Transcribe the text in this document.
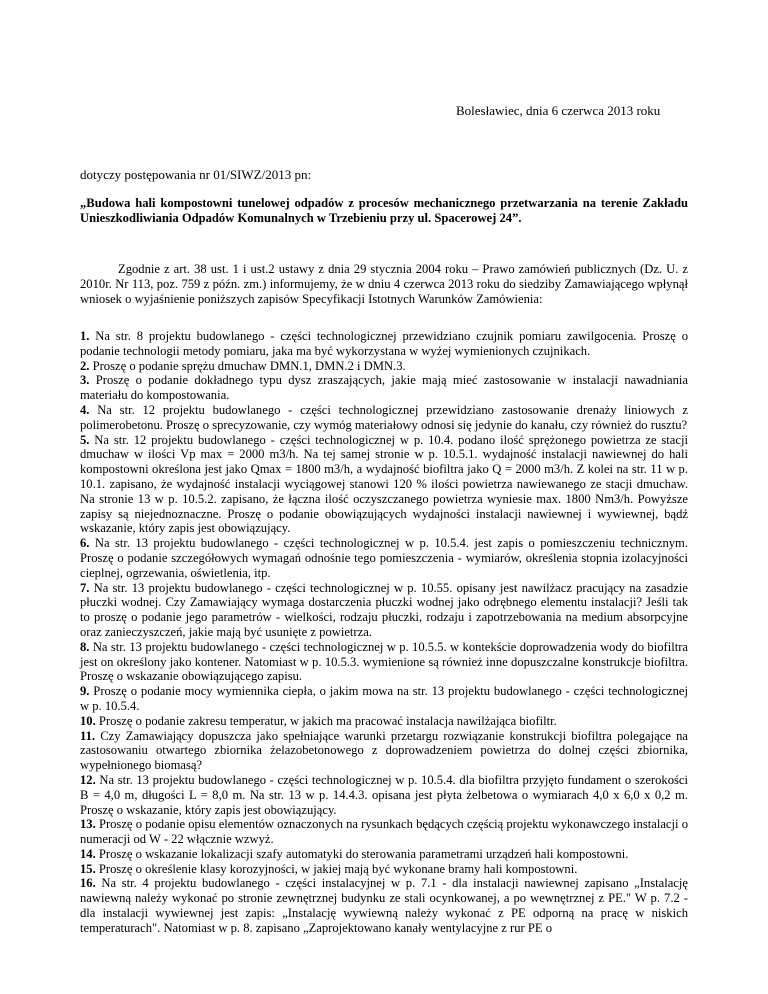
Bolesławiec, dnia 6 czerwca 2013 roku
dotyczy postępowania nr 01/SIWZ/2013 pn:
„Budowa hali kompostowni tunelowej odpadów z procesów mechanicznego przetwarzania na terenie Zakładu Unieszkodliwiania Odpadów Komunalnych w Trzebieniu przy ul. Spacerowej 24”.
Zgodnie z art. 38 ust. 1 i ust.2 ustawy z dnia 29 stycznia 2004 roku – Prawo zamówień publicznych (Dz. U. z 2010r. Nr 113, poz. 759 z późn. zm.) informujemy, że w dniu 4 czerwca 2013 roku do siedziby Zamawiającego wpłynął wniosek o wyjaśnienie poniższych zapisów Specyfikacji Istotnych Warunków Zamówienia:
1. Na str. 8 projektu budowlanego - części technologicznej przewidziano czujnik pomiaru zawilgocenia. Proszę o podanie technologii metody pomiaru, jaka ma być wykorzystana w wyżej wymienionych czujnikach.
2. Proszę o podanie sprężu dmuchaw DMN.1, DMN.2 i DMN.3.
3. Proszę o podanie dokładnego typu dysz zraszających, jakie mają mieć zastosowanie w instalacji nawadniania materiału do kompostowania.
4. Na str. 12 projektu budowlanego - części technologicznej przewidziano zastosowanie drenaży liniowych z polimerobetonu. Proszę o sprecyzowanie, czy wymóg materiałowy odnosi się jedynie do kanału, czy również do rusztu?
5. Na str. 12 projektu budowlanego - części technologicznej w p. 10.4. podano ilość sprężonego powietrza ze stacji dmuchaw w ilości Vp max = 2000 m3/h. Na tej samej stronie w p. 10.5.1. wydajność instalacji nawiewnej do hali kompostowni określona jest jako Qmax = 1800 m3/h, a wydajność biofiltra jako Q = 2000 m3/h. Z kolei na str. 11 w p. 10.1. zapisano, że wydajność instalacji wyciągowej stanowi 120 % ilości powietrza nawiewanego ze stacji dmuchaw. Na stronie 13 w p. 10.5.2. zapisano, że łączna ilość oczyszczanego powietrza wyniesie max. 1800 Nm3/h. Powyższe zapisy są niejednoznaczne. Proszę o podanie obowiązujących wydajności instalacji nawiewnej i wywiewnej, bądź wskazanie, który zapis jest obowiązujący.
6. Na str. 13 projektu budowlanego - części technologicznej w p. 10.5.4. jest zapis o pomieszczeniu technicznym. Proszę o podanie szczegółowych wymagań odnośnie tego pomieszczenia - wymiarów, określenia stopnia izolacyjności cieplnej, ogrzewania, oświetlenia, itp.
7. Na str. 13 projektu budowlanego - części technologicznej w p. 10.55. opisany jest nawilżacz pracujący na zasadzie płuczki wodnej. Czy Zamawiający wymaga dostarczenia płuczki wodnej jako odrębnego elementu instalacji? Jeśli tak to proszę o podanie jego parametrów - wielkości, rodzaju płuczki, rodzaju i zapotrzebowania na medium absorpcyjne oraz zanieczyszczeń, jakie mają być usunięte z powietrza.
8. Na str. 13 projektu budowlanego - części technologicznej w p. 10.5.5. w kontekście doprowadzenia wody do biofiltra jest on określony jako kontener. Natomiast w p. 10.5.3. wymienione są również inne dopuszczalne konstrukcje biofiltra. Proszę o wskazanie obowiązującego zapisu.
9. Proszę o podanie mocy wymiennika ciepła, o jakim mowa na str. 13 projektu budowlanego - części technologicznej w p. 10.5.4.
10. Proszę o podanie zakresu temperatur, w jakich ma pracować instalacja nawilżająca biofiltr.
11. Czy Zamawiający dopuszcza jako spełniające warunki przetargu rozwiązanie konstrukcji biofiltra polegające na zastosowaniu otwartego zbiornika żelazobetonowego z doprowadzeniem powietrza do dolnej części zbiornika, wypełnionego biomasą?
12. Na str. 13 projektu budowlanego - części technologicznej w p. 10.5.4. dla biofiltra przyjęto fundament o szerokości B = 4,0 m, długości L = 8,0 m. Na str. 13 w p. 14.4.3. opisana jest płyta żelbetowa o wymiarach 4,0 x 6,0 x 0,2 m. Proszę o wskazanie, który zapis jest obowiązujący.
13. Proszę o podanie opisu elementów oznaczonych na rysunkach będących częścią projektu wykonawczego instalacji o numeracji od W - 22 włącznie wzwyż.
14. Proszę o wskazanie lokalizacji szafy automatyki do sterowania parametrami urządzeń hali kompostowni.
15. Proszę o określenie klasy korozyjności, w jakiej mają być wykonane bramy hali kompostowni.
16. Na str. 4 projektu budowlanego - części instalacyjnej w p. 7.1 - dla instalacji nawiewnej zapisano „Instalację nawiewną należy wykonać po stronie zewnętrznej budynku ze stali ocynkowanej, a po wewnętrznej z PE." W p. 7.2 - dla instalacji wywiewnej jest zapis: „Instalację wywiewną należy wykonać z PE odporną na pracę w niskich temperaturach". Natomiast w p. 8. zapisano „Zaprojektowano kanały wentylacyjne z rur PE o
